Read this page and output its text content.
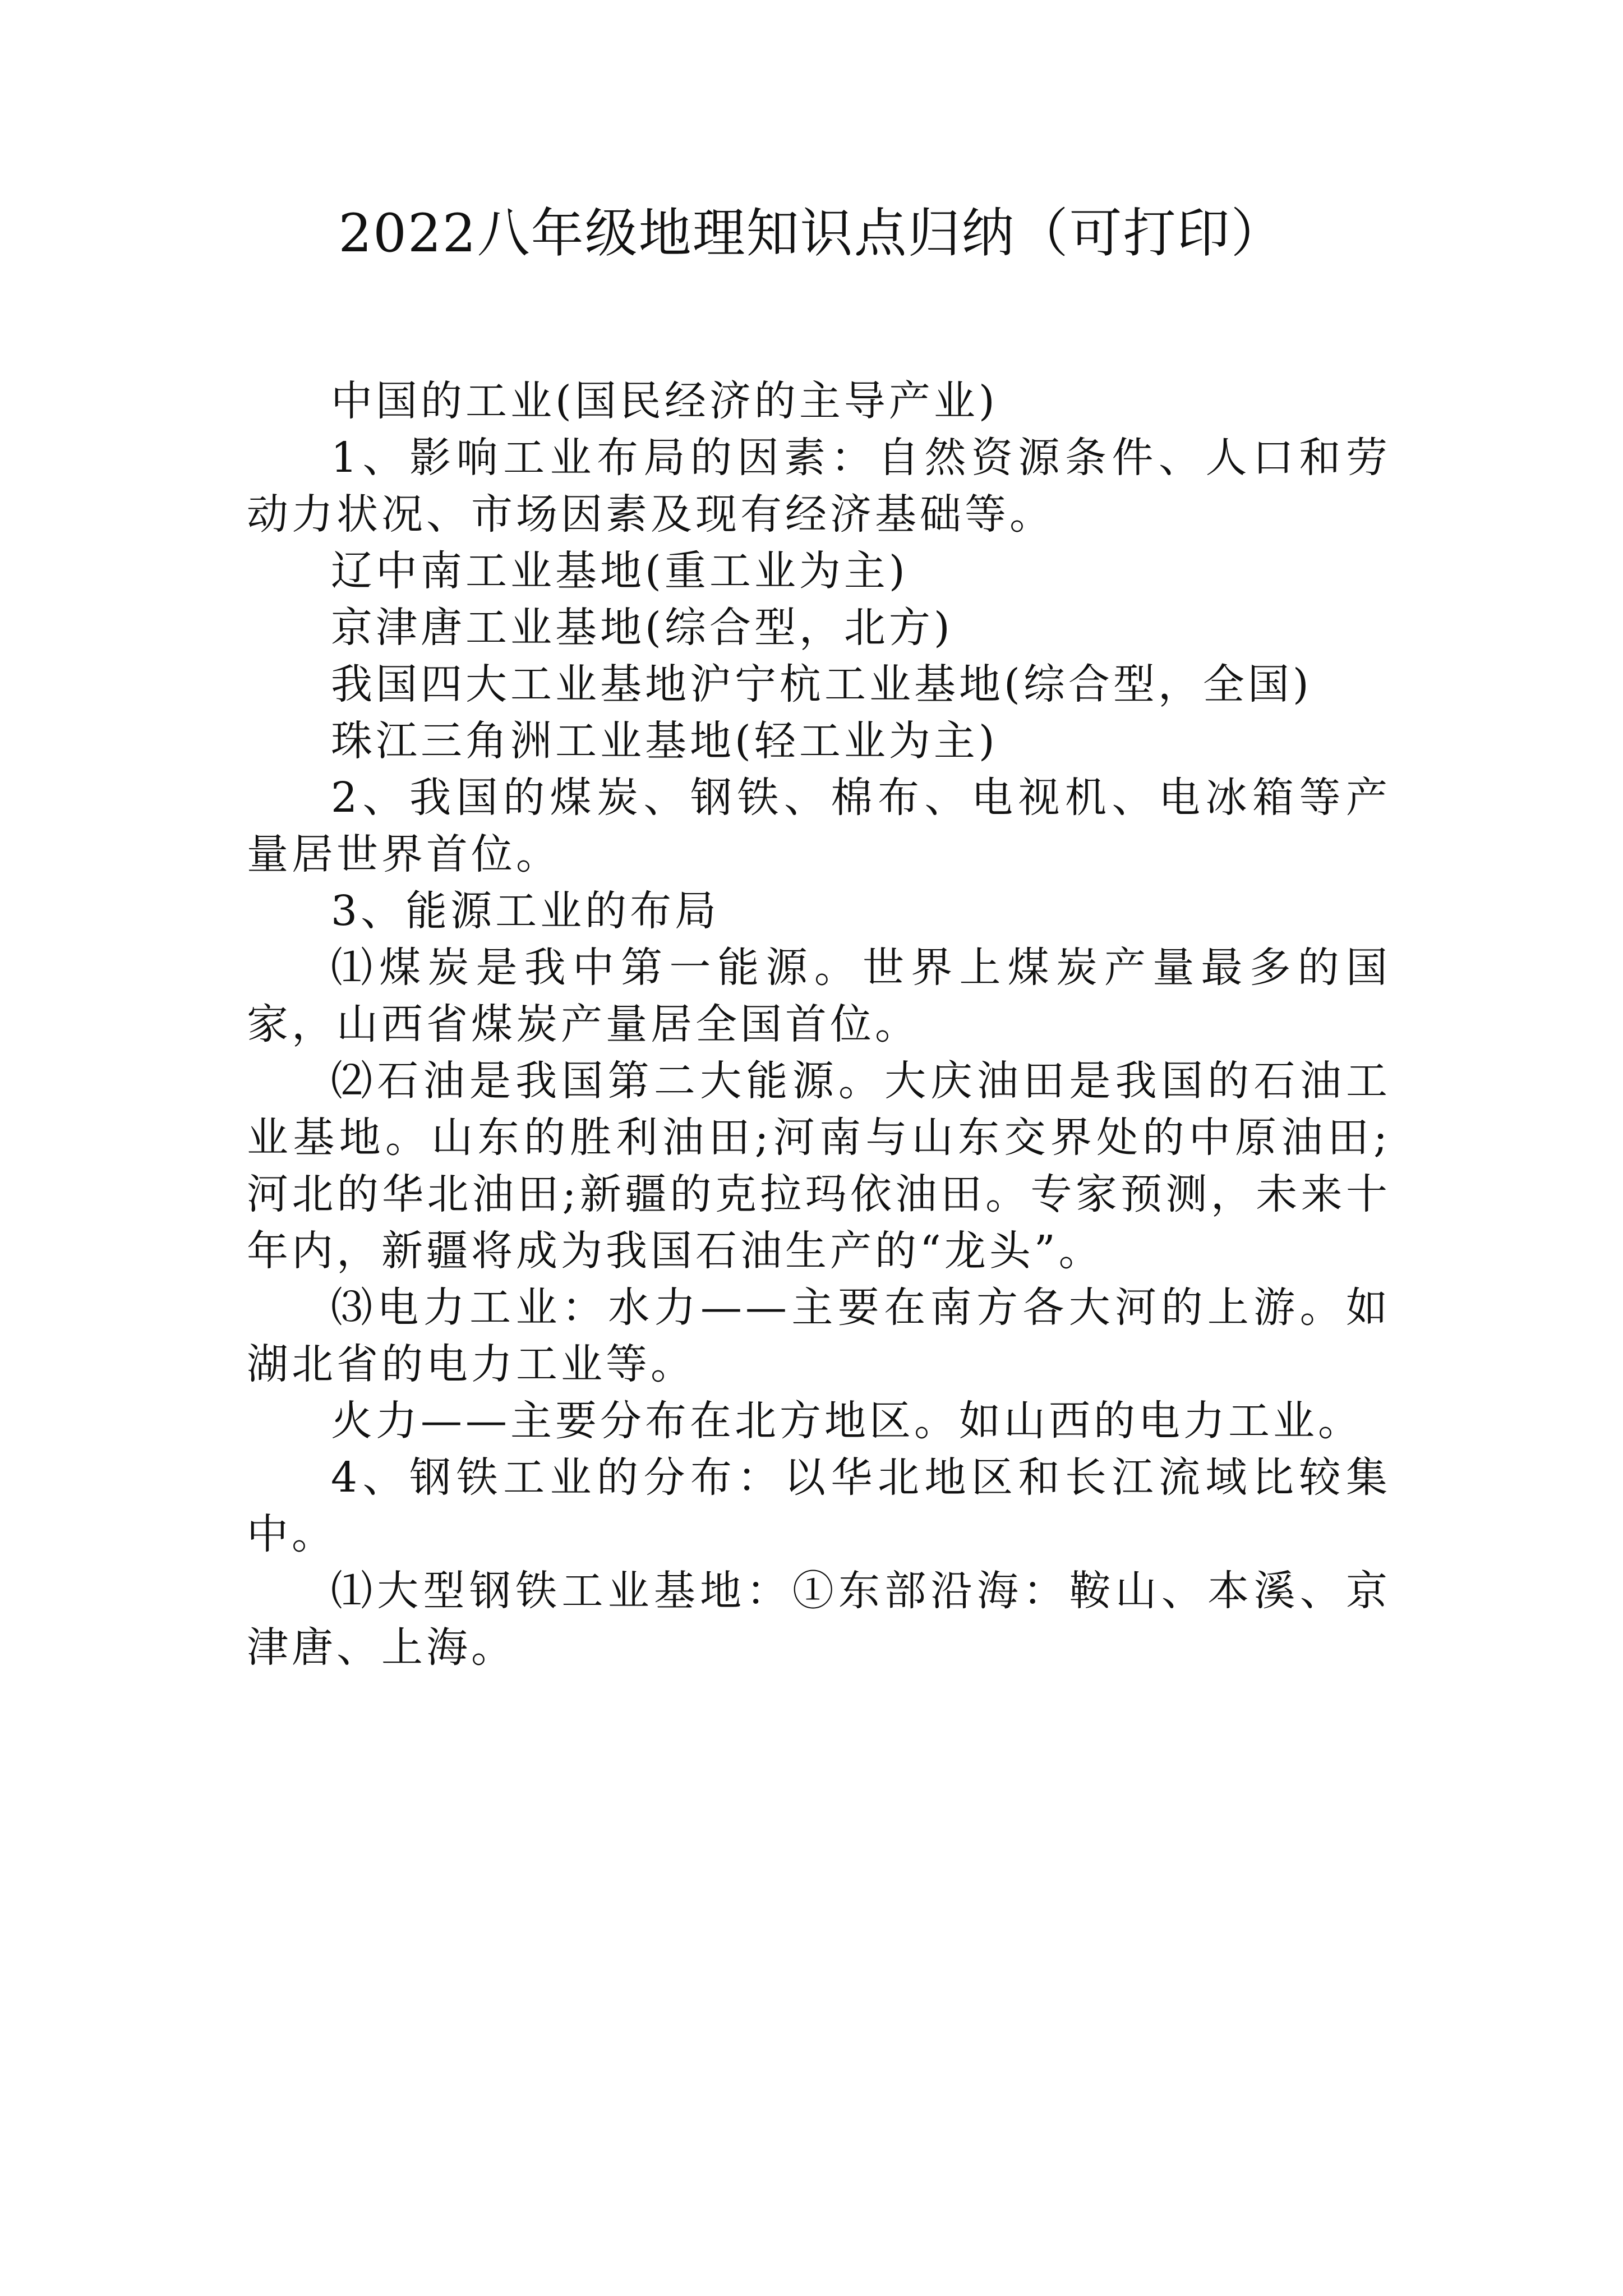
2022八年级地理知识点归纳（可打印）

中国的工业(国民经济的主导产业)

1、影响工业布局的因素：自然资源条件、人口和劳动力状况、市场因素及现有经济基础等。

辽中南工业基地(重工业为主)

京津唐工业基地(综合型，北方)

我国四大工业基地沪宁杭工业基地(综合型，全国)

珠江三角洲工业基地(轻工业为主)

2、我国的煤炭、钢铁、棉布、电视机、电冰箱等产量居世界首位。

3、能源工业的布局

⑴煤炭是我中第一能源。世界上煤炭产量最多的国家，山西省煤炭产量居全国首位。

⑵石油是我国第二大能源。大庆油田是我国的石油工业基地。山东的胜利油田;河南与山东交界处的中原油田;河北的华北油田;新疆的克拉玛依油田。专家预测，未来十年内，新疆将成为我国石油生产的“龙头”。

⑶电力工业：水力——主要在南方各大河的上游。如湖北省的电力工业等。

火力——主要分布在北方地区。如山西的电力工业。

4、钢铁工业的分布：以华北地区和长江流域比较集中。

⑴大型钢铁工业基地：①东部沿海：鞍山、本溪、京津唐、上海。
